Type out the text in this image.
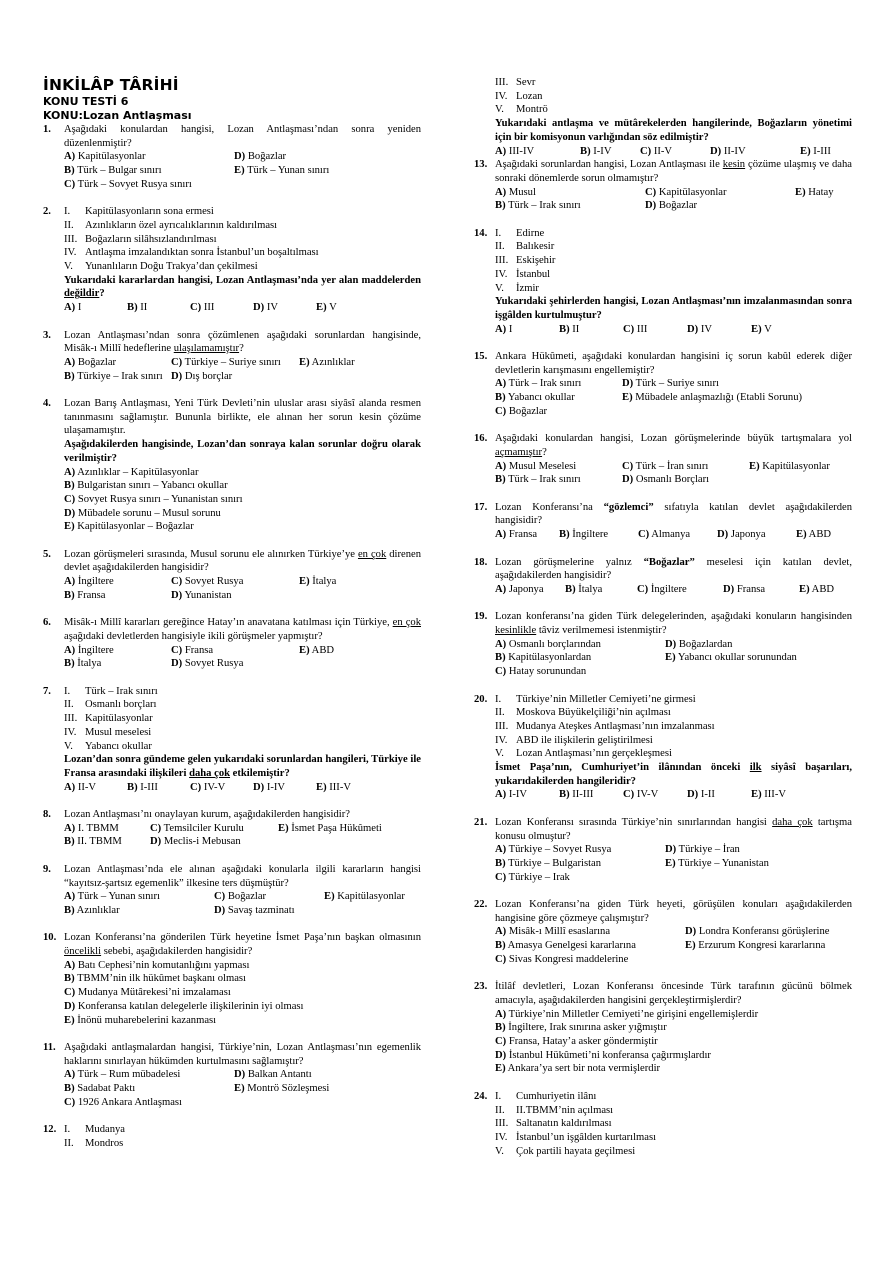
İNKİLÂP TÂRİHİ
KONU TESTİ 6
KONU:Lozan Antlaşması
1. Aşağıdaki konulardan hangisi, Lozan Antlaşması’ndan sonra yeniden düzenlenmiştir?
A) Kapitülasyonlar	D) Boğazlar
B) Türk – Bulgar sınırı	E) Türk – Yunan sınırı
C) Türk – Sovyet Rusya sınırı
2. I. Kapitülasyonların sona ermesi
II. Azınlıkların özel ayrıcalıklarının kaldırılması
III. Boğazların silâhsızlandırılması
IV. Antlaşma imzalandıktan sonra İstanbul’un boşaltılması
V. Yunanlıların Doğu Trakya’dan çekilmesi
Yukarıdaki kararlardan hangisi, Lozan Antlaşması’nda yer alan maddelerden değildir?
A) I	B) II	C) III	D) IV	E) V
3. Lozan Antlaşması’ndan sonra çözümlenen aşağıdaki sorunlardan hangisinde, Misâk-ı Millî hedeflerine ulaşılamamıştır?
A) Boğazlar	C) Türkiye – Suriye sınırı	E) Azınlıklar
B) Türkiye – Irak sınırı D) Dış borçlar
4. Lozan Barış Antlaşması, Yeni Türk Devleti’nin uluslar arası siyâsî alanda resmen tanınmasını sağlamıştır. Bununla birlikte, ele alınan her sorun kesin çözüme ulaşamamıştır.
Aşağıdakilerden hangisinde, Lozan’dan sonraya kalan sorunlar doğru olarak verilmiştir?
A) Azınlıklar – Kapitülasyonlar
B) Bulgaristan sınırı – Yabancı okullar
C) Sovyet Rusya sınırı – Yunanistan sınırı
D) Mübadele sorunu – Musul sorunu
E) Kapitülasyonlar – Boğazlar
5. Lozan görüşmeleri sırasında, Musul sorunu ele alınırken Türkiye’ye en çok direnen devlet aşağıdakilerden hangisidir?
A) İngiltere	C) Sovyet Rusya	E) İtalya
B) Fransa	D) Yunanistan
6. Misâk-ı Millî kararları gereğince Hatay’ın anavatana katılması için Türkiye, en çok aşağıdaki devletlerden hangisiyle ikili görüşmeler yapmıştır?
A) İngiltere	C) Fransa	E) ABD
B) İtalya	D) Sovyet Rusya
7. I. Türk – Irak sınırı
II. Osmanlı borçları
III. Kapitülasyonlar
IV. Musul meselesi
V. Yabancı okullar
Lozan’dan sonra gündeme gelen yukarıdaki sorunlardan hangileri, Türkiye ile Fransa arasındaki ilişkileri daha çok etkilemiştir?
A) II-V	B) I-III	C) IV-V	D) I-IV	E) III-V
8. Lozan Antlaşması’nı onaylayan kurum, aşağıdakilerden hangisidir?
A) I. TBMM	C) Temsilciler Kurulu	E) İsmet Paşa Hükûmeti
B) II. TBMM	D) Meclis-i Mebusan
9. Lozan Antlaşması’nda ele alınan aşağıdaki konularla ilgili kararların hangisi “kayıtsız-şartsız egemenlik” ilkesine ters düşmüştür?
A) Türk – Yunan sınırı	C) Boğazlar	E) Kapitülasyonlar
B) Azınlıklar	D) Savaş tazminatı
10. Lozan Konferansı’na gönderilen Türk heyetine İsmet Paşa’nın başkan olmasının öncelikli sebebi, aşağıdakilerden hangisidir?
A) Batı Cephesi’nin komutanlığını yapması
B) TBMM’nin ilk hükûmet başkanı olması
C) Mudanya Mütârekesi’ni imzalaması
D) Konferansa katılan delegelerle ilişkilerinin iyi olması
E) İnönü muharebelerini kazanması
11. Aşağıdaki antlaşmalardan hangisi, Türkiye’nin, Lozan Antlaşması’nın egemenlik haklarını sınırlayan hükümden kurtulmasını sağlamıştır?
A) Türk – Rum mübadelesi	D) Balkan Antantı
B) Sadabat Paktı	E) Montrö Sözleşmesi
C) 1926 Ankara Antlaşması
12. I. Mudanya
II. Mondros
III. Sevr
IV. Lozan
V. Montrö
Yukarıdaki antlaşma ve mütârekelerden hangilerinde, Boğazların yönetimi için bir komisyonun varlığından söz edilmiştir?
A) III-IV	B) I-IV	C) II-V	D) II-IV	E) I-III
13. Aşağıdaki sorunlardan hangisi, Lozan Antlaşması ile kesin çözüme ulaşmış ve daha sonraki dönemlerde sorun olmamıştır?
A) Musul	C) Kapitülasyonlar	E) Hatay
B) Türk – Irak sınırı	D) Boğazlar
14. I. Edirne
II. Balıkesir
III. Eskişehir
IV. İstanbul
V. İzmir
Yukarıdaki şehirlerden hangisi, Lozan Antlaşması’nın imzalanmasından sonra işgâlden kurtulmuştur?
A) I	B) II	C) III	D) IV	E) V
15. Ankara Hükûmeti, aşağıdaki konulardan hangisini iç sorun kabûl ederek diğer devletlerin karışmasını engellemiştir?
A) Türk – Irak sınırı	D) Türk – Suriye sınırı
B) Yabancı okullar	E) Mübadele anlaşmazlığı (Etabli Sorunu)
C) Boğazlar
16. Aşağıdaki konulardan hangisi, Lozan görüşmelerinde büyük tartışmalara yol açmamıştır?
A) Musul Meselesi	C) Türk – İran sınırı	E) Kapitülasyonlar
B) Türk – Irak sınırı	D) Osmanlı Borçları
17. Lozan Konferansı’na “gözlemci” sıfatıyla katılan devlet aşağıdakilerden hangisidir?
A) Fransa	B) İngiltere	C) Almanya	D) Japonya	E) ABD
18. Lozan görüşmelerine yalnız “Boğazlar” meselesi için katılan devlet, aşağıdakilerden hangisidir?
A) Japonya	B) İtalya	C) İngiltere	D) Fransa	E) ABD
19. Lozan konferansı’na giden Türk delegelerinden, aşağıdaki konuların hangisinden kesinlikle tâviz verilmemesi istenmiştir?
A) Osmanlı borçlarından	D) Boğazlardan
B) Kapitülasyonlardan	E) Yabancı okullar sorunundan
C) Hatay sorunundan
20. I. Türkiye’nin Milletler Cemiyeti’ne girmesi
II. Moskova Büyükelçiliği’nin açılması
III. Mudanya Ateşkes Antlaşması’nın imzalanması
IV. ABD ile ilişkilerin geliştirilmesi
V. Lozan Antlaşması’nın gerçekleşmesi
İsmet Paşa’nın, Cumhuriyet’in ilânından önceki ilk siyâsî başarıları, yukarıdakilerden hangileridir?
A) I-IV	B) II-III	C) IV-V	D) I-II	E) III-V
21. Lozan Konferansı sırasında Türkiye’nin sınırlarından hangisi daha çok tartışma konusu olmuştur?
A) Türkiye – Sovyet Rusya	D) Türkiye – İran
B) Türkiye – Bulgaristan	E) Türkiye – Yunanistan
C) Türkiye – Irak
22. Lozan Konferansı’na giden Türk heyeti, görüşülen konuları aşağıdakilerden hangisine göre çözmeye çalışmıştır?
A) Misâk-ı Millî esaslarına	D) Londra Konferansı görüşlerine
B) Amasya Genelgesi kararlarına	E) Erzurum Kongresi kararlarına
C) Sivas Kongresi maddelerine
23. İtilâf devletleri, Lozan Konferansı öncesinde Türk tarafının gücünü bölmek amacıyla, aşağıdakilerden hangisini gerçekleştirmişlerdir?
A) Türkiye’nin Milletler Cemiyeti’ne girişini engellemişlerdir
B) İngiltere, Irak sınırına asker yığmıştır
C) Fransa, Hatay’a asker göndermiştir
D) İstanbul Hükûmeti’ni konferansa çağırmışlardır
E) Ankara’ya sert bir nota vermişlerdir
24. I. Cumhuriyetin ilânı
II. II.TBMM’nin açılması
III. Saltanatın kaldırılması
IV. İstanbul’un işgâlden kurtarılması
V. Çok partili hayata geçilmesi
